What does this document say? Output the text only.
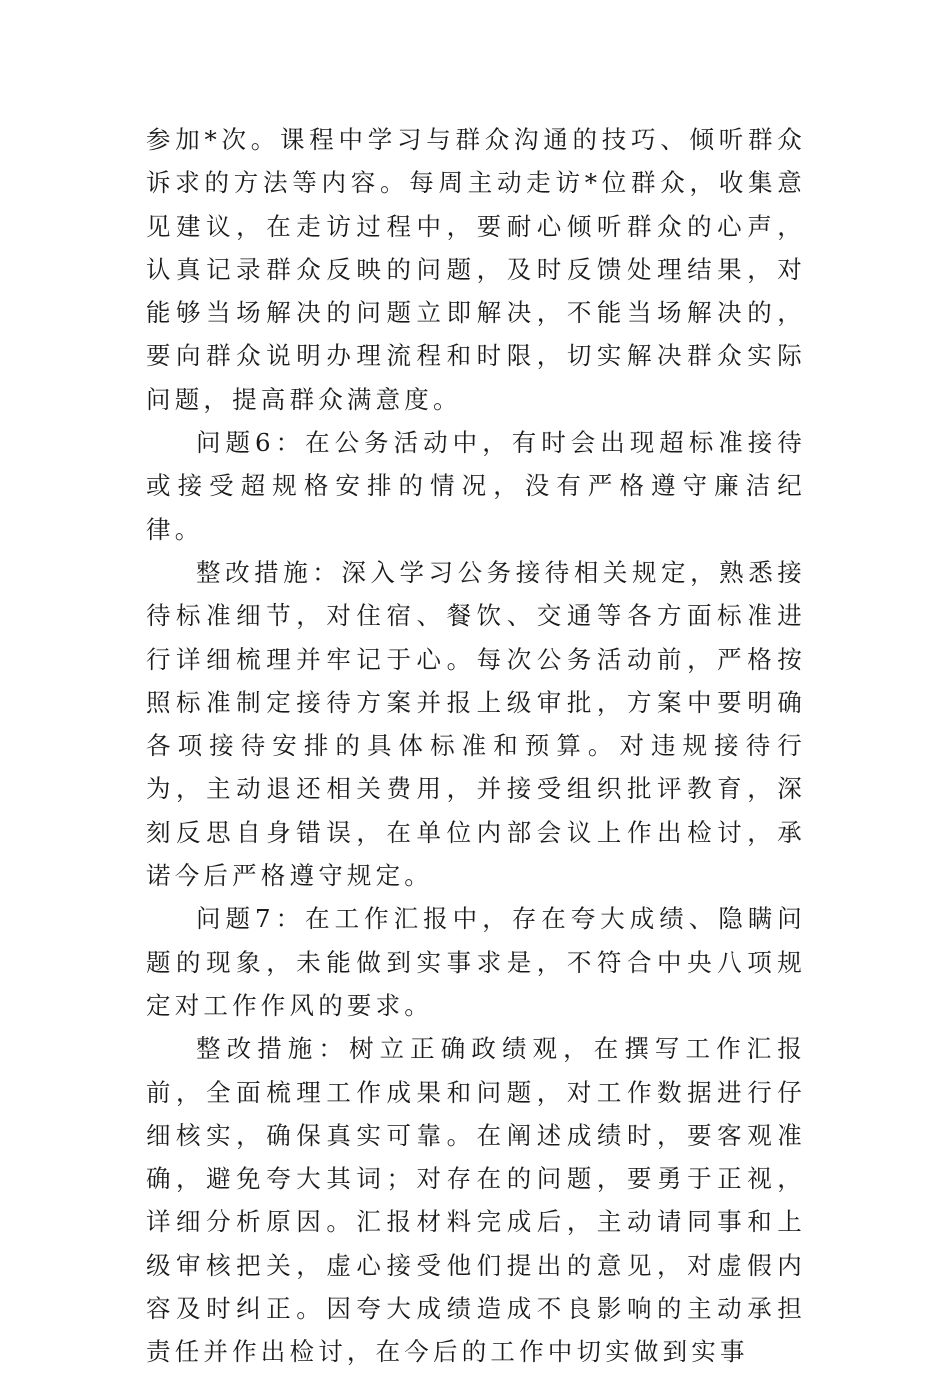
参加*次。课程中学习与群众沟通的技巧、倾听群众诉求的方法等内容。每周主动走访*位群众，收集意见建议，在走访过程中，要耐心倾听群众的心声，认真记录群众反映的问题，及时反馈处理结果，对能够当场解决的问题立即解决，不能当场解决的，要向群众说明办理流程和时限，切实解决群众实际问题，提高群众满意度。

问题6：在公务活动中，有时会出现超标准接待或接受超规格安排的情况，没有严格遵守廉洁纪律。

整改措施：深入学习公务接待相关规定，熟悉接待标准细节，对住宿、餐饮、交通等各方面标准进行详细梳理并牢记于心。每次公务活动前，严格按照标准制定接待方案并报上级审批，方案中要明确各项接待安排的具体标准和预算。对违规接待行为，主动退还相关费用，并接受组织批评教育，深刻反思自身错误，在单位内部会议上作出检讨，承诺今后严格遵守规定。

问题7：在工作汇报中，存在夸大成绩、隐瞒问题的现象，未能做到实事求是，不符合中央八项规定对工作作风的要求。

整改措施：树立正确政绩观，在撰写工作汇报前，全面梳理工作成果和问题，对工作数据进行仔细核实，确保真实可靠。在阐述成绩时，要客观准确，避免夸大其词；对存在的问题，要勇于正视，详细分析原因。汇报材料完成后，主动请同事和上级审核把关，虚心接受他们提出的意见，对虚假内容及时纠正。因夸大成绩造成不良影响的主动承担责任并作出检讨，在今后的工作中切实做到实事
